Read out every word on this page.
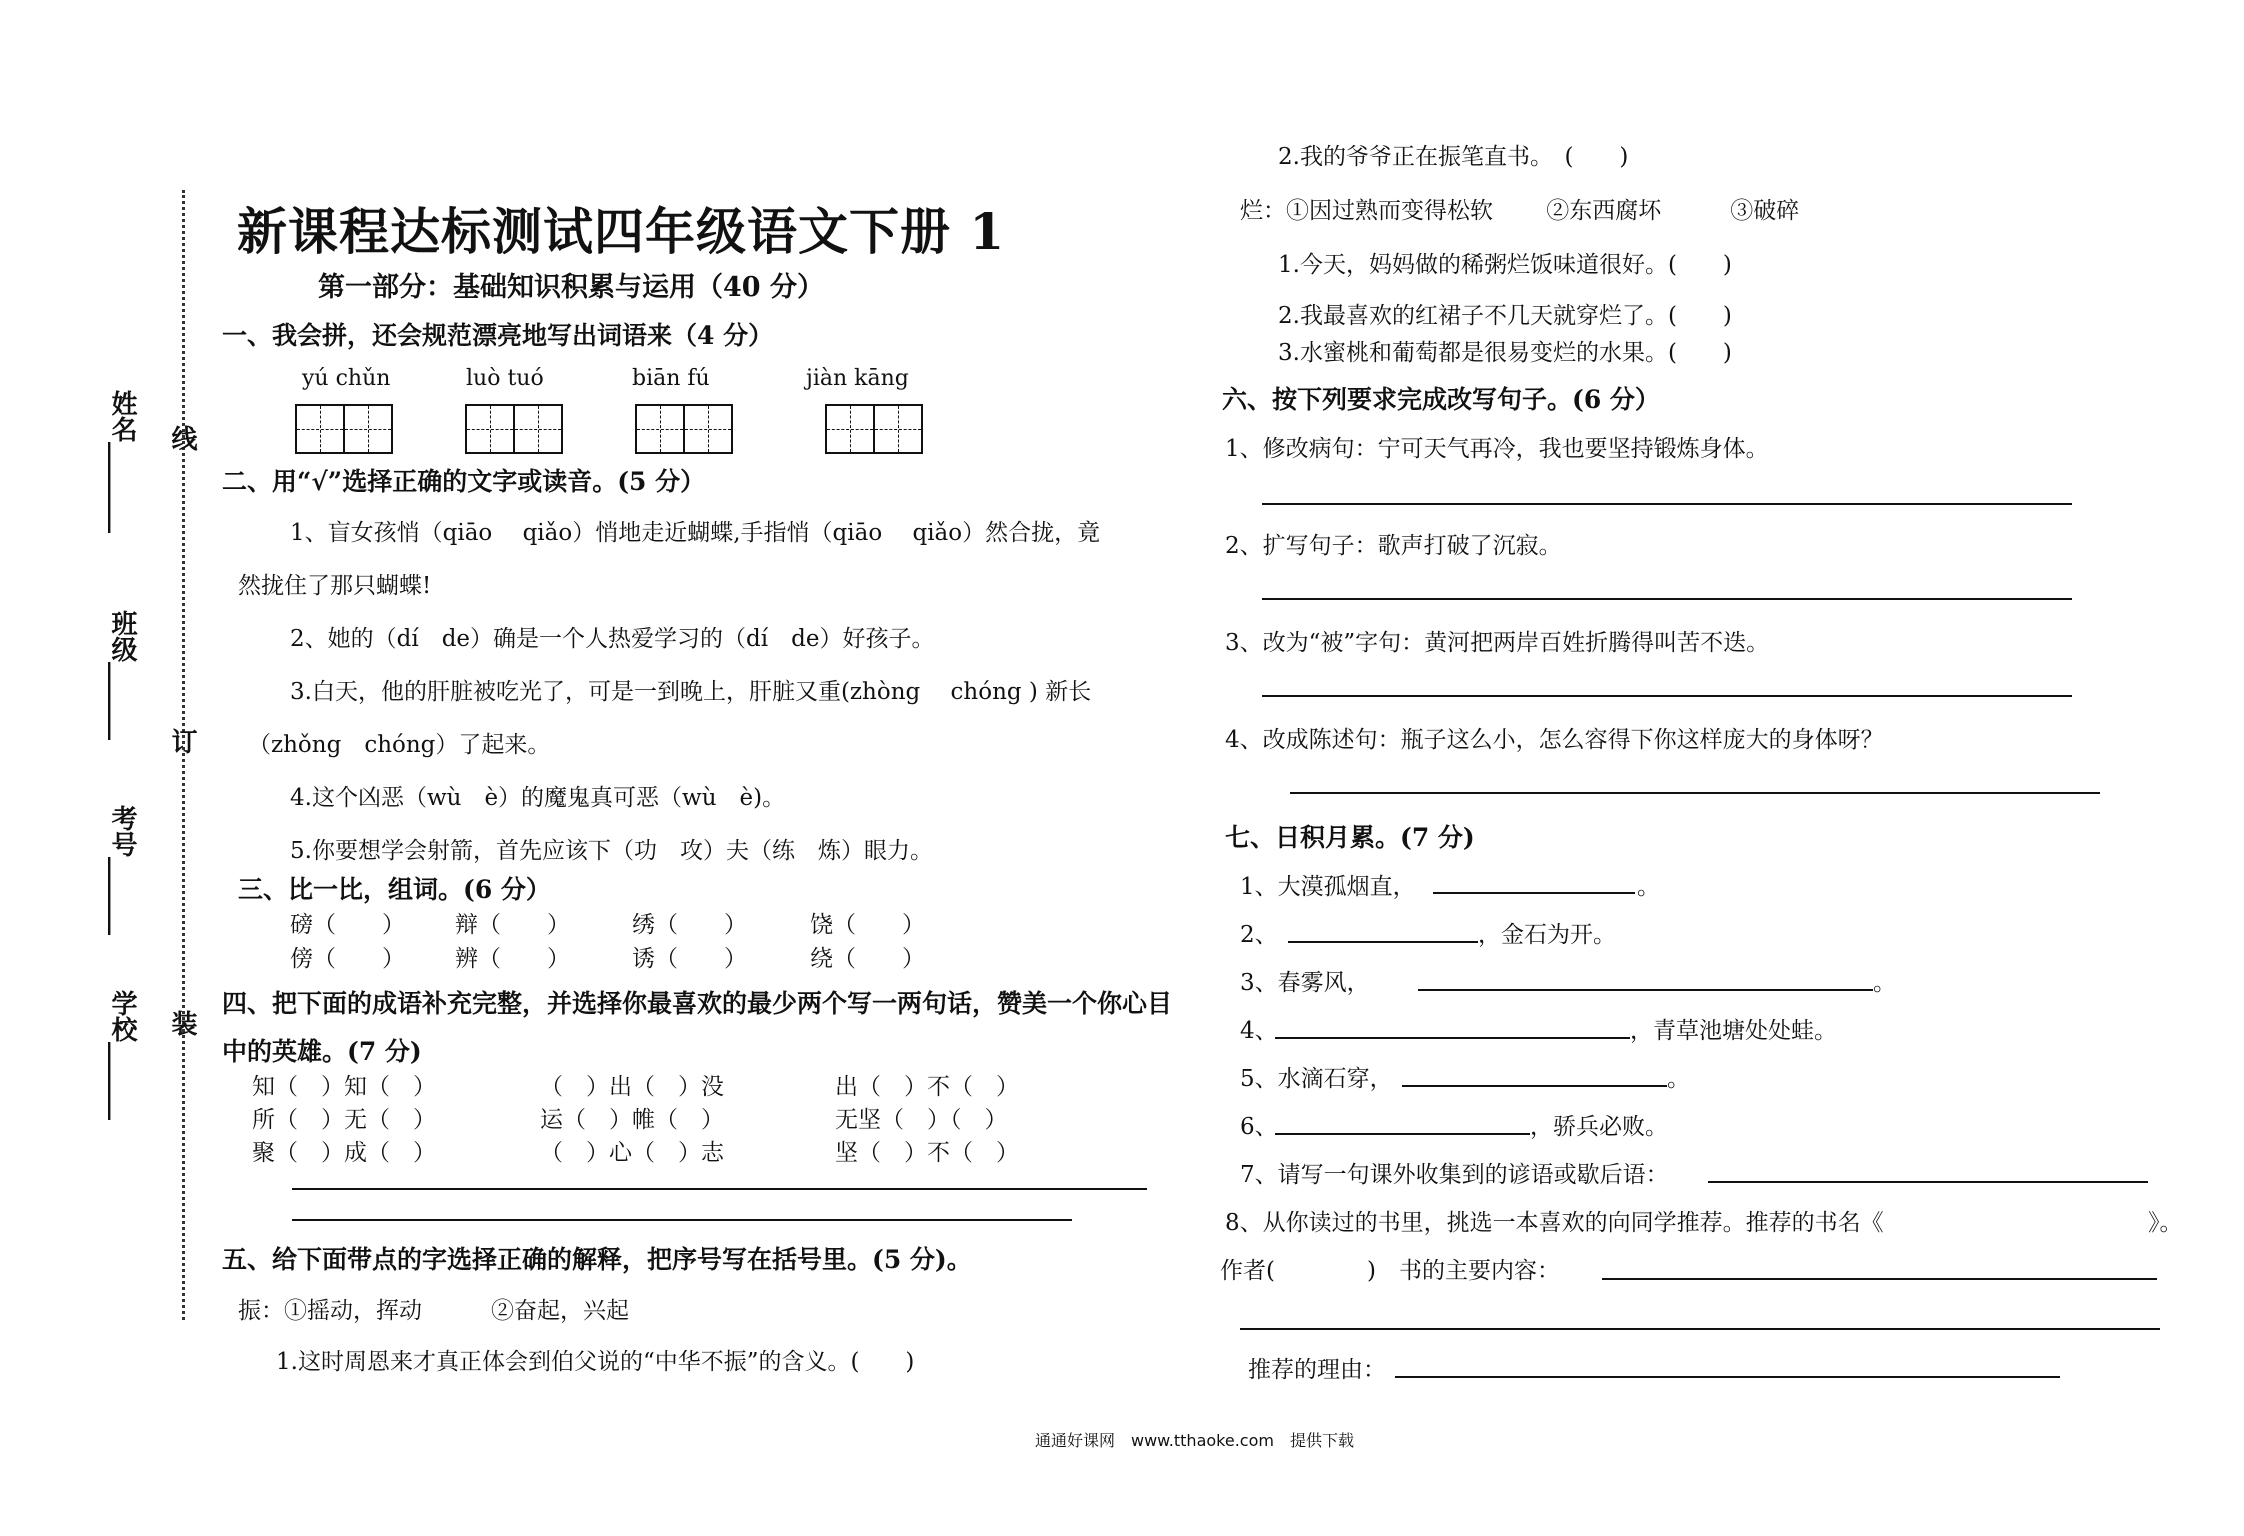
线
订
装
姓名_______
班级______
考号______
学校______
新课程达标测试四年级语文下册 1
第一部分：基础知识积累与运用（40 分）
一、我会拼，还会规范漂亮地写出词语来（4 分）
yú chǔn	luò tuó	biān fú	jiàn kāng
二、用“√”选择正确的文字或读音。(5 分）
1、盲女孩悄（qiāo　 qiǎo）悄地走近蝴蝶,手指悄（qiāo　 qiǎo）然合拢，竟
然拢住了那只蝴蝶!
2、她的（dí　de）确是一个人热爱学习的（dí　de）好孩子。
3.白天，他的肝脏被吃光了，可是一到晚上，肝脏又重(zhòng　 chóng ) 新长
（zhǒng　chóng）了起来。
4.这个凶恶（wù　è）的魔鬼真可恶（wù　è)。
5.你要想学会射箭，首先应该下（功　攻）夫（练　炼）眼力。
三、比一比，组词。(6 分）
磅（　　） 辩（　　）	绣（　　）	饶（　　）
傍（　　） 辨（　　）	诱（　　）	绕（　　）
四、把下面的成语补充完整，并选择你最喜欢的最少两个写一两句话，赞美一个你心目
中的英雄。(7 分)
知（　）知（　）	（　）出（　）没	出（　）不（　）
所（　）无（　）	运（　）帷（　）	无坚（　）（　）
聚（　）成（　）	（　）心（　）志	坚（　）不（　）
五、给下面带点的字选择正确的解释，把序号写在括号里。(5 分)。
振：①摇动，挥动　　　②奋起，兴起
1.这时周恩来才真正体会到伯父说的“中华不振”的含义。(　　)
2.我的爷爷正在振笔直书。　(　　)
烂：①因过熟而变得松软　　 ②东西腐坏　　　③破碎
1.今天，妈妈做的稀粥烂饭味道很好。(　　)
2.我最喜欢的红裙子不几天就穿烂了。(　　)
3.水蜜桃和葡萄都是很易变烂的水果。(　　)
六、按下列要求完成改写句子。(6 分）
1、修改病句：宁可天气再冷，我也要坚持锻炼身体。
2、扩写句子：歌声打破了沉寂。
3、改为“被”字句：黄河把两岸百姓折腾得叫苦不迭。
4、改成陈述句：瓶子这么小，怎么容得下你这样庞大的身体呀？
七、日积月累。(7 分)
1、大漠孤烟直，	。
2、	，金石为开。
3、春雾风，	。
4、	，青草池塘处处蛙。
5、水滴石穿，	。
6、	，骄兵必败。
7、请写一句课外收集到的谚语或歇后语：
8、从你读过的书里，挑选一本喜欢的向同学推荐。推荐的书名《	》。
作者(　　　　)　书的主要内容：
推荐的理由：
通通好课网　www.tthaoke.com　提供下载
